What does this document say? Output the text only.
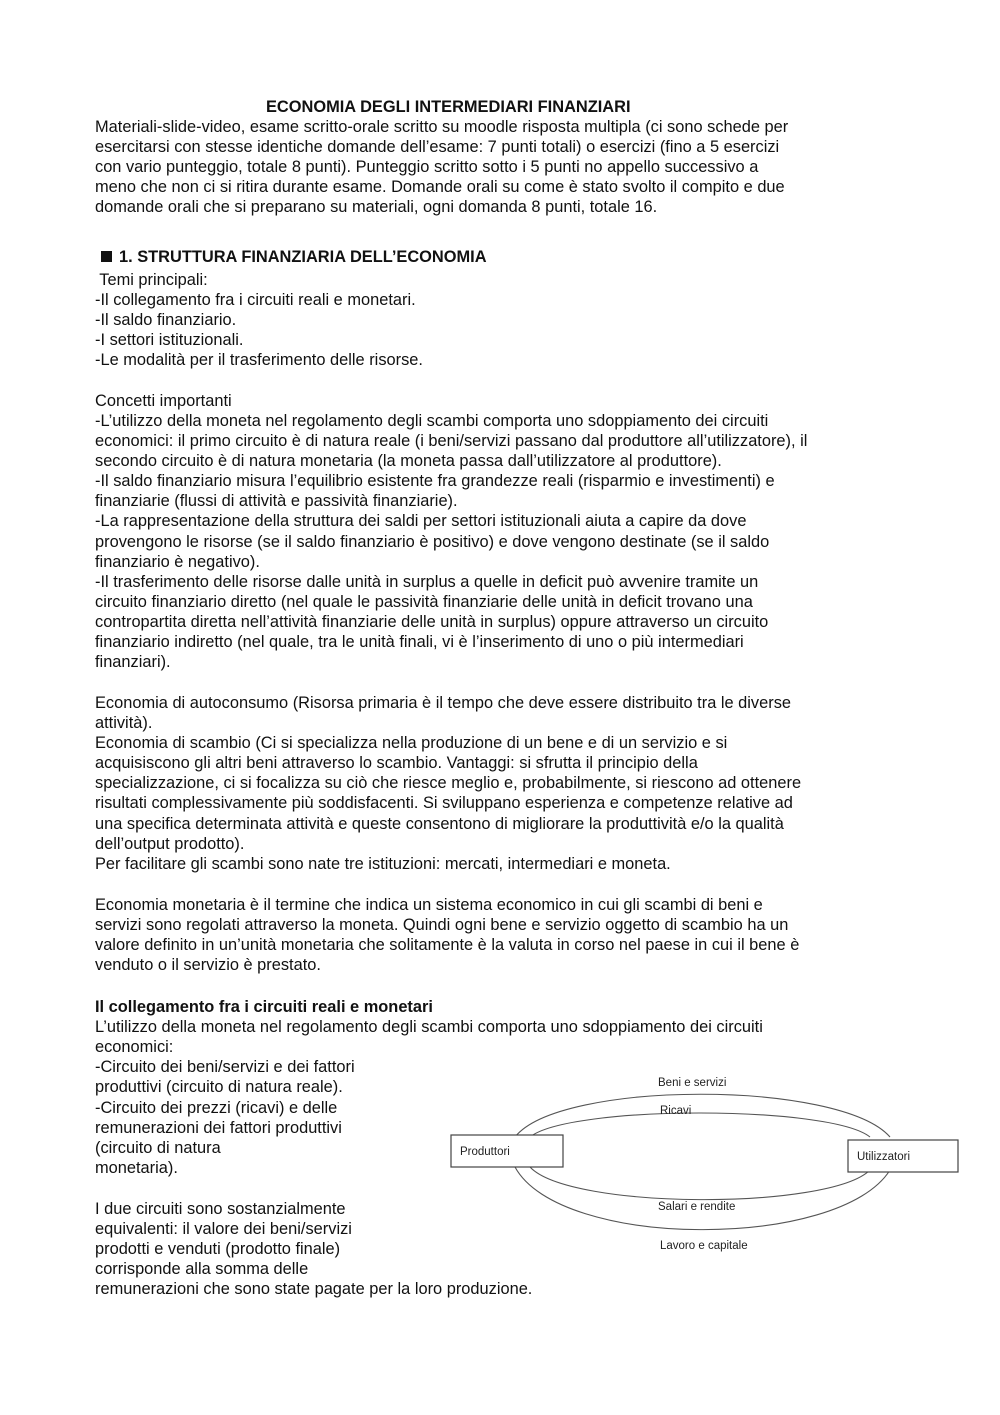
ECONOMIA DEGLI INTERMEDIARI FINANZIARI
Materiali-slide-video, esame scritto-orale scritto su moodle risposta multipla (ci sono schede per
esercitarsi con stesse identiche domande dell’esame: 7 punti totali) o esercizi (fino a 5 esercizi
con vario punteggio, totale 8 punti). Punteggio scritto sotto i 5 punti no appello successivo a
meno che non ci si ritira durante esame. Domande orali su come è stato svolto il compito e due
domande orali che si preparano su materiali, ogni domanda 8 punti, totale 16.
1. STRUTTURA FINANZIARIA DELL’ECONOMIA
Temi principali:
-Il collegamento fra i circuiti reali e monetari.
-Il saldo finanziario.
-I settori istituzionali.
-Le modalità per il trasferimento delle risorse.
Concetti importanti
-L’utilizzo della moneta nel regolamento degli scambi comporta uno sdoppiamento dei circuiti
economici: il primo circuito è di natura reale (i beni/servizi passano dal produttore all’utilizzatore), il
secondo circuito è di natura monetaria (la moneta passa dall’utilizzatore al produttore).
-Il saldo finanziario misura l’equilibrio esistente fra grandezze reali (risparmio e investimenti) e
finanziarie (flussi di attività e passività finanziarie).
-La rappresentazione della struttura dei saldi per settori istituzionali aiuta a capire da dove
provengono le risorse (se il saldo finanziario è positivo) e dove vengono destinate (se il saldo
finanziario è negativo).
-Il trasferimento delle risorse dalle unità in surplus a quelle in deficit può avvenire tramite un
circuito finanziario diretto (nel quale le passività finanziarie delle unità in deficit trovano una
contropartita diretta nell’attività finanziarie delle unità in surplus) oppure attraverso un circuito
finanziario indiretto (nel quale, tra le unità finali, vi è l’inserimento di uno o più intermediari
finanziari).
Economia di autoconsumo (Risorsa primaria è il tempo che deve essere distribuito tra le diverse
attività).
Economia di scambio (Ci si specializza nella produzione di un bene e di un servizio e si
acquisiscono gli altri beni attraverso lo scambio. Vantaggi: si sfrutta il principio della
specializzazione, ci si focalizza su ciò che riesce meglio e, probabilmente, si riescono ad ottenere
risultati complessivamente più soddisfacenti. Si sviluppano esperienza e competenze relative ad
una specifica determinata attività e queste consentono di migliorare la produttività e/o la qualità
dell’output prodotto).
Per facilitare gli scambi sono nate tre istituzioni: mercati, intermediari e moneta.
Economia monetaria è il termine che indica un sistema economico in cui gli scambi di beni e
servizi sono regolati attraverso la moneta. Quindi ogni bene e servizio oggetto di scambio ha un
valore definito in un’unità monetaria che solitamente è la valuta in corso nel paese in cui il bene è
venduto o il servizio è prestato.
Il collegamento fra i circuiti reali e monetari
L’utilizzo della moneta nel regolamento degli scambi comporta uno sdoppiamento dei circuiti
economici:
-Circuito dei beni/servizi e dei fattori
produttivi (circuito di natura reale).
-Circuito dei prezzi (ricavi) e delle
remunerazioni dei fattori produttivi
(circuito di natura
monetaria).
I due circuiti sono sostanzialmente
equivalenti: il valore dei beni/servizi
prodotti e venduti (prodotto finale)
corrisponde alla somma delle
remunerazioni che sono state pagate per la loro produzione.
Produttori	Utilizzatori
Beni e servizi
Ricavi
Salari e rendite
Lavoro e capitale
